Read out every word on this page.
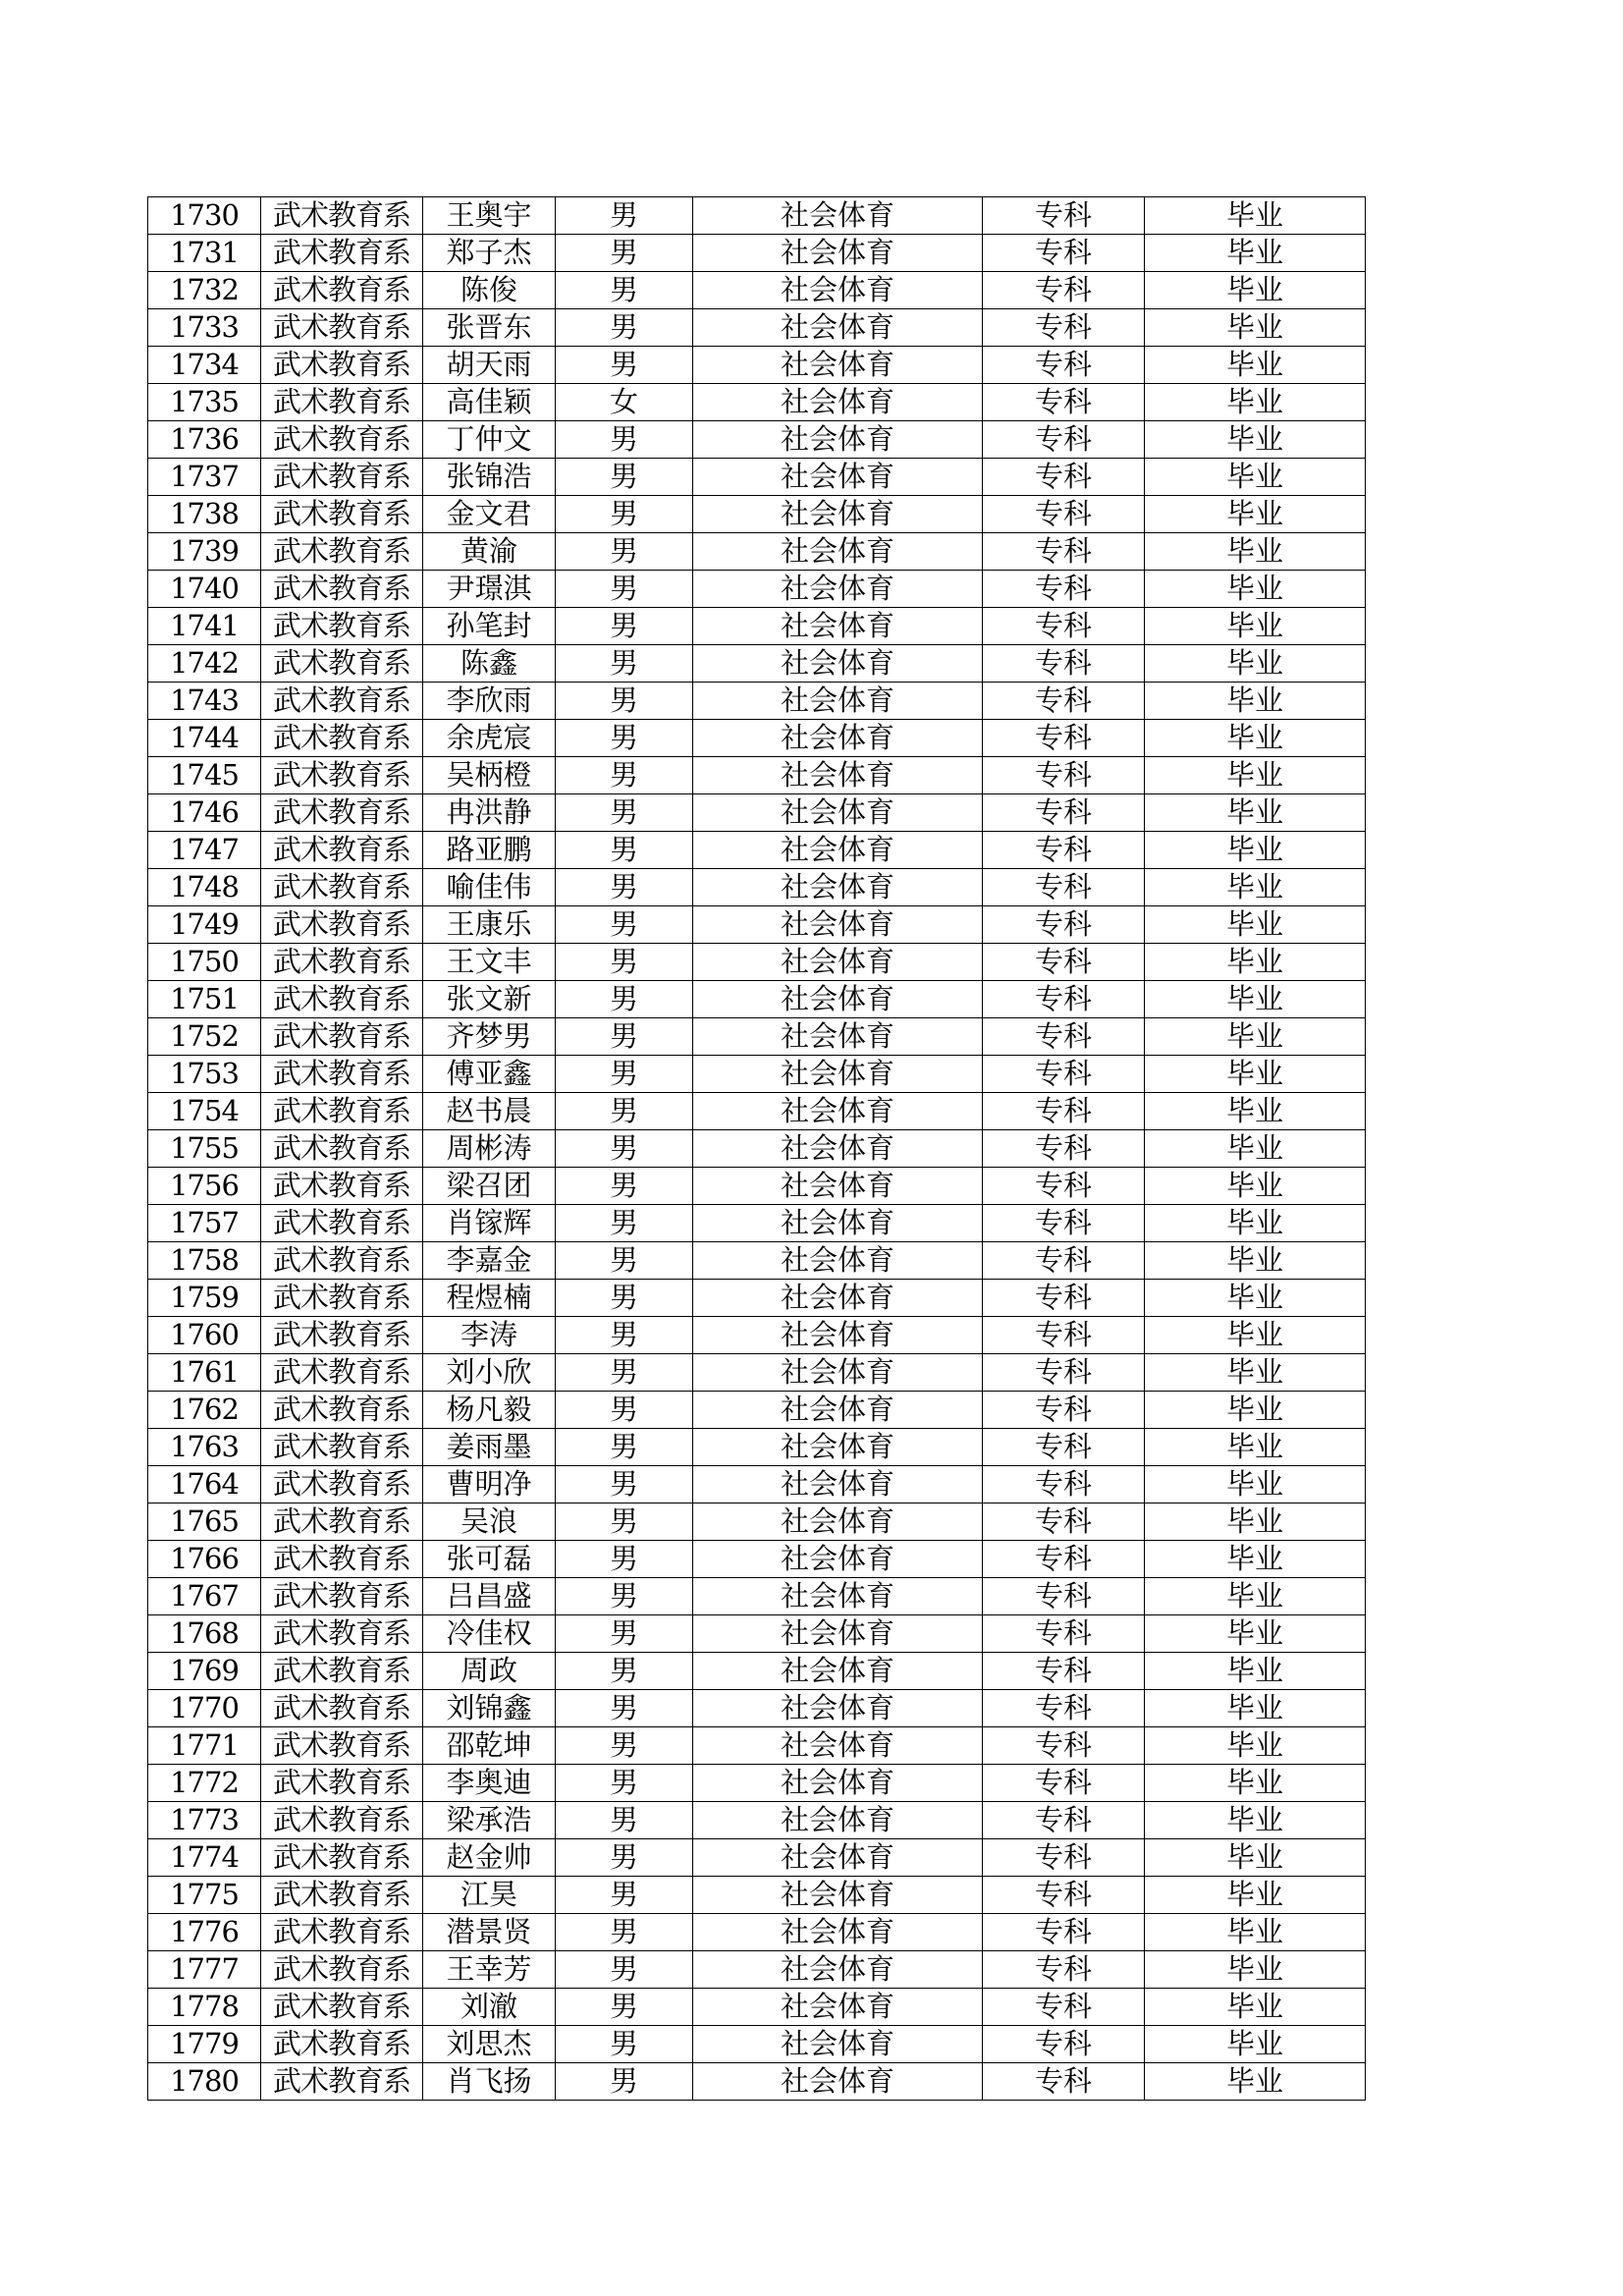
1730	武术教育系	王奥宇	男	社会体育	专科	毕业
1731	武术教育系	郑子杰	男	社会体育	专科	毕业
1732	武术教育系	陈俊	男	社会体育	专科	毕业
1733	武术教育系	张晋东	男	社会体育	专科	毕业
1734	武术教育系	胡天雨	男	社会体育	专科	毕业
1735	武术教育系	高佳颖	女	社会体育	专科	毕业
1736	武术教育系	丁仲文	男	社会体育	专科	毕业
1737	武术教育系	张锦浩	男	社会体育	专科	毕业
1738	武术教育系	金文君	男	社会体育	专科	毕业
1739	武术教育系	黄渝	男	社会体育	专科	毕业
1740	武术教育系	尹璟淇	男	社会体育	专科	毕业
1741	武术教育系	孙笔封	男	社会体育	专科	毕业
1742	武术教育系	陈鑫	男	社会体育	专科	毕业
1743	武术教育系	李欣雨	男	社会体育	专科	毕业
1744	武术教育系	余虎宸	男	社会体育	专科	毕业
1745	武术教育系	吴柄橙	男	社会体育	专科	毕业
1746	武术教育系	冉洪静	男	社会体育	专科	毕业
1747	武术教育系	路亚鹏	男	社会体育	专科	毕业
1748	武术教育系	喻佳伟	男	社会体育	专科	毕业
1749	武术教育系	王康乐	男	社会体育	专科	毕业
1750	武术教育系	王文丰	男	社会体育	专科	毕业
1751	武术教育系	张文新	男	社会体育	专科	毕业
1752	武术教育系	齐梦男	男	社会体育	专科	毕业
1753	武术教育系	傅亚鑫	男	社会体育	专科	毕业
1754	武术教育系	赵书晨	男	社会体育	专科	毕业
1755	武术教育系	周彬涛	男	社会体育	专科	毕业
1756	武术教育系	梁召团	男	社会体育	专科	毕业
1757	武术教育系	肖镓辉	男	社会体育	专科	毕业
1758	武术教育系	李嘉金	男	社会体育	专科	毕业
1759	武术教育系	程煜楠	男	社会体育	专科	毕业
1760	武术教育系	李涛	男	社会体育	专科	毕业
1761	武术教育系	刘小欣	男	社会体育	专科	毕业
1762	武术教育系	杨凡毅	男	社会体育	专科	毕业
1763	武术教育系	姜雨墨	男	社会体育	专科	毕业
1764	武术教育系	曹明净	男	社会体育	专科	毕业
1765	武术教育系	吴浪	男	社会体育	专科	毕业
1766	武术教育系	张可磊	男	社会体育	专科	毕业
1767	武术教育系	吕昌盛	男	社会体育	专科	毕业
1768	武术教育系	冷佳权	男	社会体育	专科	毕业
1769	武术教育系	周政	男	社会体育	专科	毕业
1770	武术教育系	刘锦鑫	男	社会体育	专科	毕业
1771	武术教育系	邵乾坤	男	社会体育	专科	毕业
1772	武术教育系	李奥迪	男	社会体育	专科	毕业
1773	武术教育系	梁承浩	男	社会体育	专科	毕业
1774	武术教育系	赵金帅	男	社会体育	专科	毕业
1775	武术教育系	江昊	男	社会体育	专科	毕业
1776	武术教育系	潜景贤	男	社会体育	专科	毕业
1777	武术教育系	王幸芳	男	社会体育	专科	毕业
1778	武术教育系	刘澈	男	社会体育	专科	毕业
1779	武术教育系	刘思杰	男	社会体育	专科	毕业
1780	武术教育系	肖飞扬	男	社会体育	专科	毕业
